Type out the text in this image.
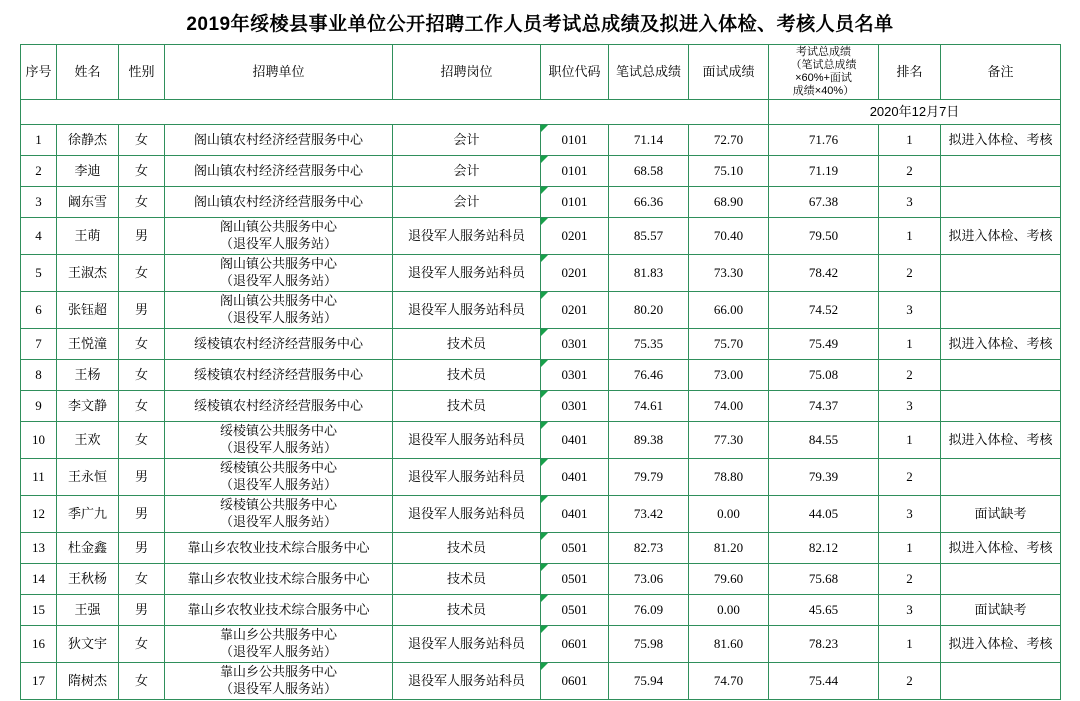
2019年绥棱县事业单位公开招聘工作人员考试总成绩及拟进入体检、考核人员名单
								2020年12月7日		
序号	姓名	性别	招聘单位	招聘岗位	职位代码	笔试总成绩	面试成绩	考试总成绩
（笔试总成绩×60%+面试
成绩×40%）	排名	备注
1	徐静杰	女	阁山镇农村经济经营服务中心	会计	0101	71.14	72.70	71.76	1	拟进入体检、考核
2	李迪	女	阁山镇农村经济经营服务中心	会计	0101	68.58	75.10	71.19	2	
3	阚东雪	女	阁山镇农村经济经营服务中心	会计	0101	66.36	68.90	67.38	3	
4	王萌	男	阁山镇公共服务中心
（退役军人服务站）	退役军人服务站科员	0201	85.57	70.40	79.50	1	拟进入体检、考核
5	王淑杰	女	阁山镇公共服务中心
（退役军人服务站）	退役军人服务站科员	0201	81.83	73.30	78.42	2	
6	张钰超	男	阁山镇公共服务中心
（退役军人服务站）	退役军人服务站科员	0201	80.20	66.00	74.52	3	
7	王悦潼	女	绥棱镇农村经济经营服务中心	技术员	0301	75.35	75.70	75.49	1	拟进入体检、考核
8	王杨	女	绥棱镇农村经济经营服务中心	技术员	0301	76.46	73.00	75.08	2	
9	李文静	女	绥棱镇农村经济经营服务中心	技术员	0301	74.61	74.00	74.37	3	
10	王欢	女	绥棱镇公共服务中心
（退役军人服务站）	退役军人服务站科员	0401	89.38	77.30	84.55	1	拟进入体检、考核
11	王永恒	男	绥棱镇公共服务中心
（退役军人服务站）	退役军人服务站科员	0401	79.79	78.80	79.39	2	
12	季广九	男	绥棱镇公共服务中心
（退役军人服务站）	退役军人服务站科员	0401	73.42	0.00	44.05	3	面试缺考
13	杜金鑫	男	靠山乡农牧业技术综合服务中心	技术员	0501	82.73	81.20	82.12	1	拟进入体检、考核
14	王秋杨	女	靠山乡农牧业技术综合服务中心	技术员	0501	73.06	79.60	75.68	2	
15	王强	男	靠山乡农牧业技术综合服务中心	技术员	0501	76.09	0.00	45.65	3	面试缺考
16	狄文宇	女	靠山乡公共服务中心
（退役军人服务站）	退役军人服务站科员	0601	75.98	81.60	78.23	1	拟进入体检、考核
17	隋树杰	女	靠山乡公共服务中心
（退役军人服务站）	退役军人服务站科员	0601	75.94	74.70	75.44	2	
